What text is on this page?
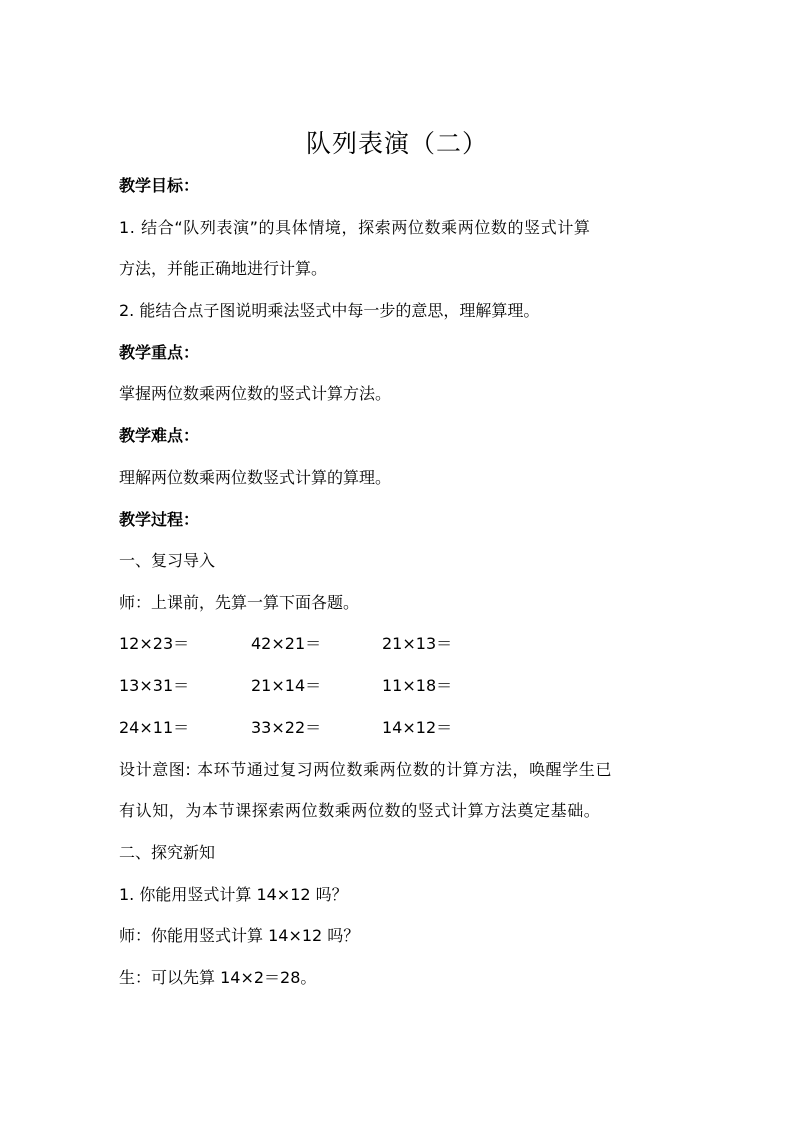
队列表演（二）
教学目标：
1. 结合“队列表演”的具体情境，探索两位数乘两位数的竖式计算
方法，并能正确地进行计算。
2. 能结合点子图说明乘法竖式中每一步的意思，理解算理。
教学重点：
掌握两位数乘两位数的竖式计算方法。
教学难点：
理解两位数乘两位数竖式计算的算理。
教学过程：
一、复习导入
师：上课前，先算一算下面各题。
12×23＝	42×21＝	21×13＝
13×31＝	21×14＝	11×18＝
24×11＝	33×22＝	14×12＝
设计意图: 本环节通过复习两位数乘两位数的计算方法，唤醒学生已
有认知，为本节课探索两位数乘两位数的竖式计算方法奠定基础。
二、探究新知
1. 你能用竖式计算 14×12 吗？
师：你能用竖式计算 14×12 吗？
生：可以先算 14×2＝28。
